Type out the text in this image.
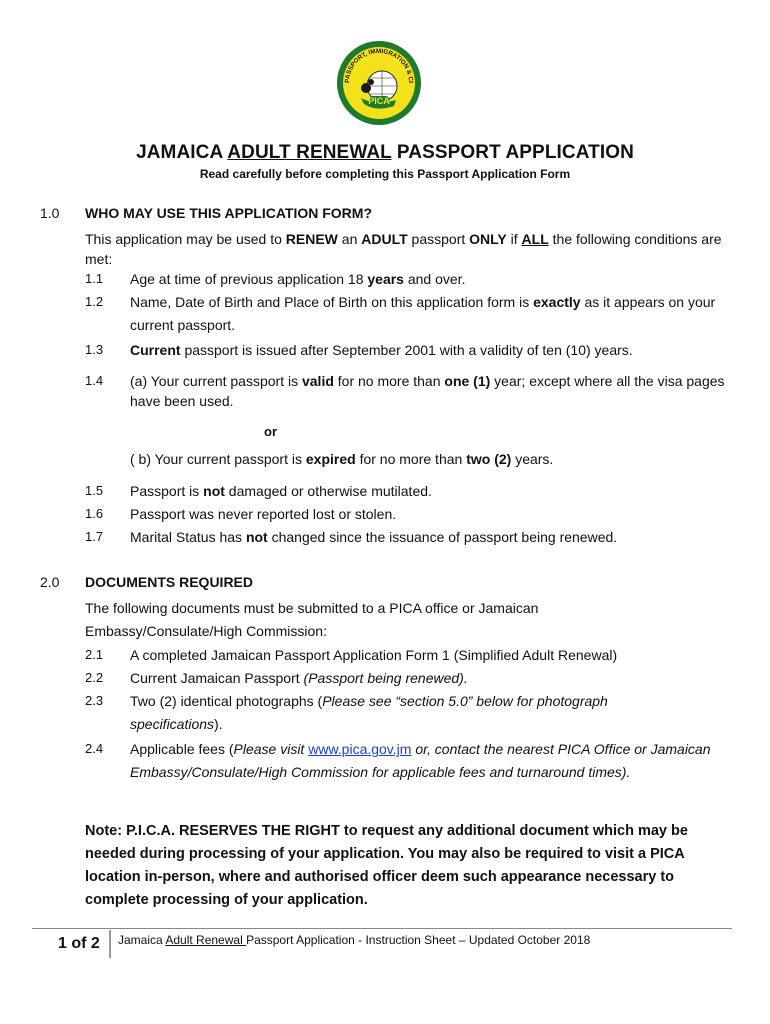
PASSPORT, IMMIGRATION & CI
PICA
JAMAICA ADULT RENEWAL PASSPORT APPLICATION
Read carefully before completing this Passport Application Form
1.0 WHO MAY USE THIS APPLICATION FORM?
This application may be used to RENEW an ADULT passport ONLY if ALL the following conditions are met:
1.1 Age at time of previous application 18 years and over.
1.2 Name, Date of Birth and Place of Birth on this application form is exactly as it appears on your current passport.
1.3 Current passport is issued after September 2001 with a validity of ten (10) years.
1.4 (a) Your current passport is valid for no more than one (1) year; except where all the visa pages have been used.
or
( b) Your current passport is expired for no more than two (2) years.
1.5 Passport is not damaged or otherwise mutilated.
1.6 Passport was never reported lost or stolen.
1.7 Marital Status has not changed since the issuance of passport being renewed.
2.0 DOCUMENTS REQUIRED
The following documents must be submitted to a PICA office or Jamaican Embassy/Consulate/High Commission:
2.1 A completed Jamaican Passport Application Form 1 (Simplified Adult Renewal)
2.2 Current Jamaican Passport (Passport being renewed).
2.3 Two (2) identical photographs (Please see “section 5.0” below for photograph specifications).
2.4 Applicable fees (Please visit www.pica.gov.jm or, contact the nearest PICA Office or Jamaican Embassy/Consulate/High Commission for applicable fees and turnaround times).
Note: P.I.C.A. RESERVES THE RIGHT to request any additional document which may be needed during processing of your application. You may also be required to visit a PICA location in-person, where and authorised officer deem such appearance necessary to complete processing of your application.
1 of 2 Jamaica Adult Renewal Passport Application - Instruction Sheet – Updated October 2018
